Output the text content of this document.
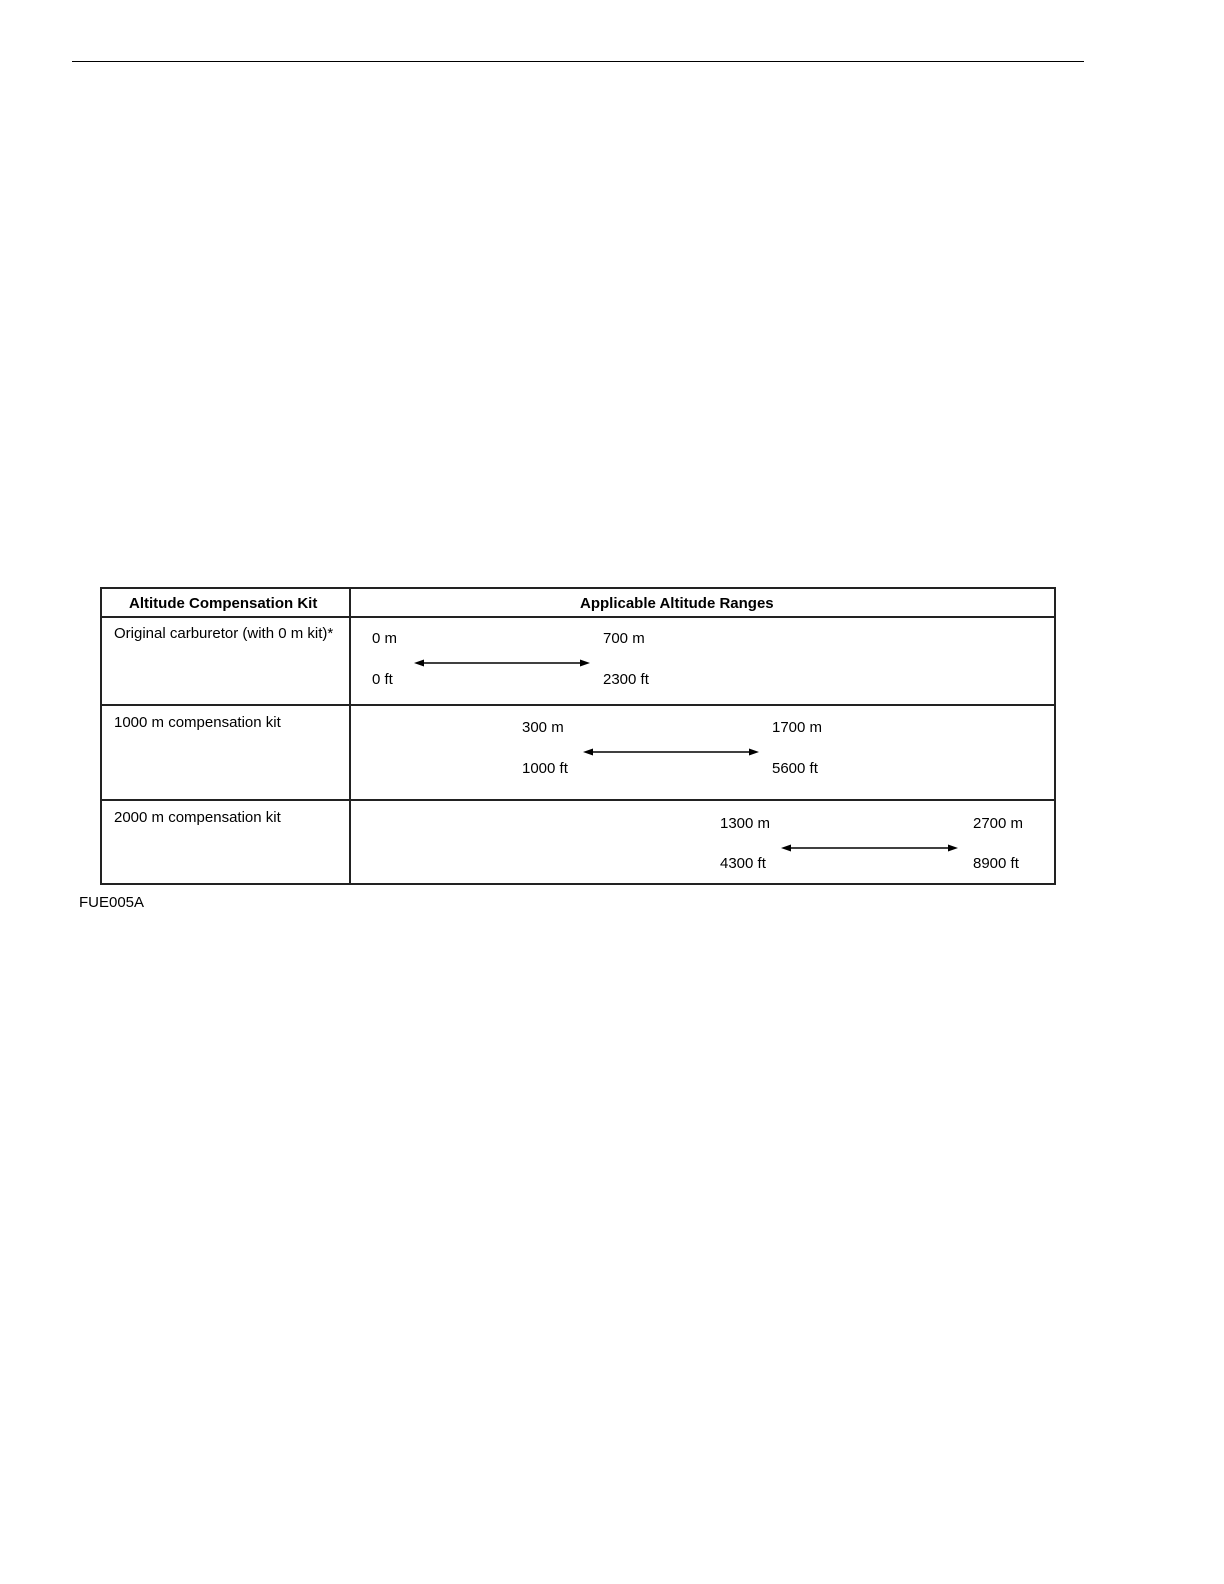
Altitude Compensation Kit	Applicable Altitude Ranges
Original carburetor (with 0 m kit)*	0 m	700 m
0 ft	2300 ft
1000 m compensation kit	300 m	1700 m
1000 ft	5600 ft
2000 m compensation kit	1300 m	2700 m
4300 ft	8900 ft
FUE005A
